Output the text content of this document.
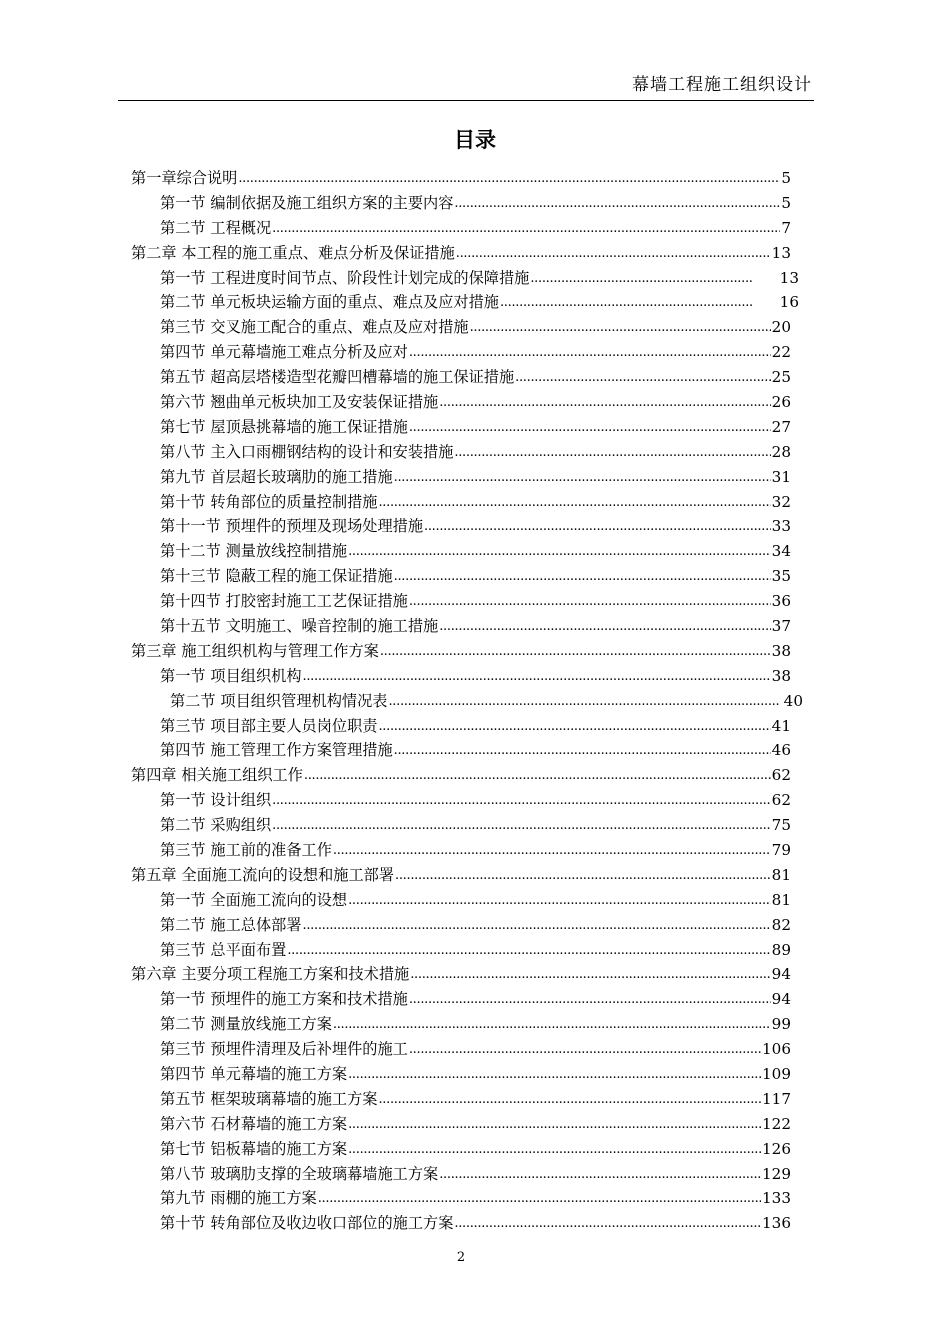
幕墙工程施工组织设计
目录
第一章综合说明 .....	5
第一节 编制依据及施工组织方案的主要内容 .....	5
第二节 工程概况 .....	7
第二章 本工程的施工重点、难点分析及保证措施 .....	13
第一节 工程进度时间节点、阶段性计划完成的保障措施 .....	13
第二节 单元板块运输方面的重点、难点及应对措施 .....	16
第三节 交叉施工配合的重点、难点及应对措施 .....	20
第四节 单元幕墙施工难点分析及应对 .....	22
第五节 超高层塔楼造型花瓣凹槽幕墙的施工保证措施 .....	25
第六节 翘曲单元板块加工及安装保证措施 .....	26
第七节 屋顶悬挑幕墙的施工保证措施 .....	27
第八节 主入口雨棚钢结构的设计和安装措施 .....	28
第九节 首层超长玻璃肋的施工措施 .....	31
第十节 转角部位的质量控制措施 .....	32
第十一节 预埋件的预埋及现场处理措施 .....	33
第十二节 测量放线控制措施 .....	34
第十三节 隐蔽工程的施工保证措施 .....	35
第十四节 打胶密封施工工艺保证措施 .....	36
第十五节 文明施工、噪音控制的施工措施 .....	37
第三章 施工组织机构与管理工作方案 .....	38
第一节 项目组织机构 .....	38
第二节 项目组织管理机构情况表 .....	40
第三节 项目部主要人员岗位职责 .....	41
第四节 施工管理工作方案管理措施 .....	46
第四章 相关施工组织工作 .....	62
第一节 设计组织 .....	62
第二节 采购组织 .....	75
第三节 施工前的准备工作 .....	79
第五章 全面施工流向的设想和施工部署 .....	81
第一节 全面施工流向的设想 .....	81
第二节 施工总体部署 .....	82
第三节 总平面布置 .....	89
第六章 主要分项工程施工方案和技术措施 .....	94
第一节 预埋件的施工方案和技术措施 .....	94
第二节 测量放线施工方案 .....	99
第三节 预埋件清理及后补埋件的施工 .....	106
第四节 单元幕墙的施工方案 .....	109
第五节 框架玻璃幕墙的施工方案 .....	117
第六节 石材幕墙的施工方案 .....	122
第七节 铝板幕墙的施工方案 .....	126
第八节 玻璃肋支撑的全玻璃幕墙施工方案 .....	129
第九节 雨棚的施工方案 .....	133
第十节 转角部位及收边收口部位的施工方案 .....	136
2
